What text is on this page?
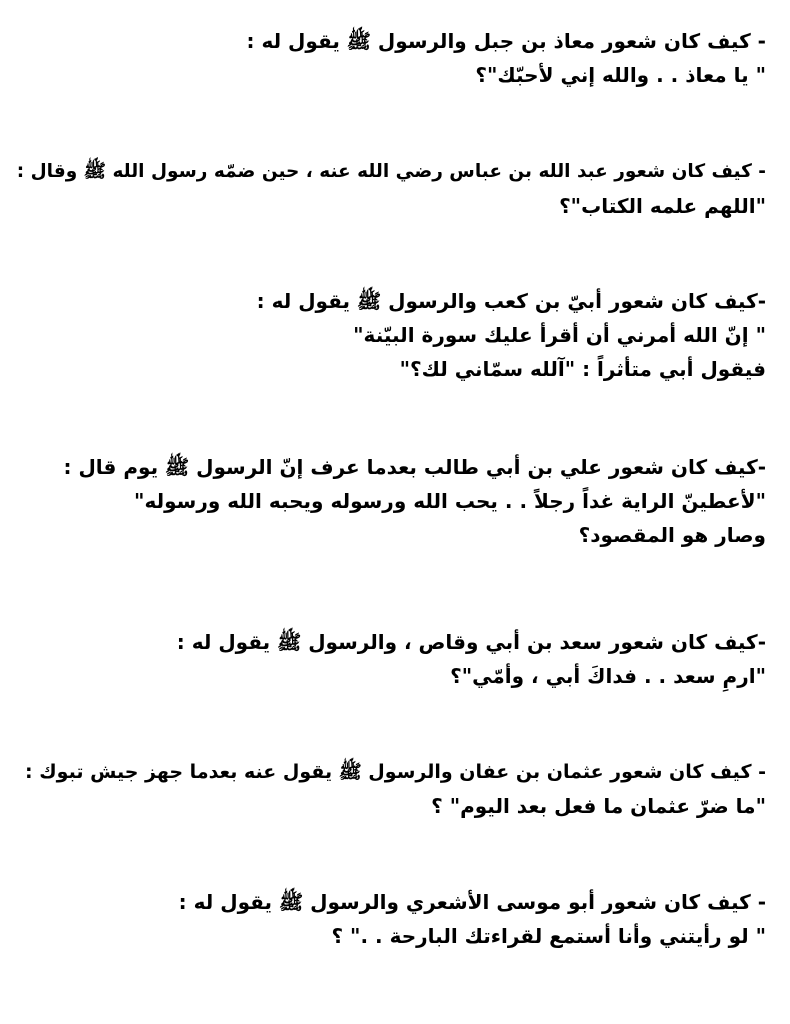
- كيف كان شعور معاذ بن جبل والرسول ﷺ يقول له :
" يا معاذ . . والله إني لأحبّك"؟
- كيف كان شعور عبد الله بن عباس رضي الله عنه ، حين ضمّه رسول الله ﷺ وقال :
"اللهم علمه الكتاب"؟
-كيف كان شعور أبيّ بن كعب والرسول ﷺ يقول له :
" إنّ الله أمرني أن أقرأ عليك سورة البيّنة"
فيقول أبي متأثراً : "آلله سمّاني لك؟"
-كيف كان شعور علي بن أبي طالب بعدما عرف إنّ الرسول ﷺ يوم قال :
"لأعطينّ الراية غداً رجلاً . . يحب الله ورسوله ويحبه الله ورسوله"
وصار هو المقصود؟
-كيف كان شعور سعد بن أبي وقاص ، والرسول ﷺ يقول له :
"ارمِ سعد . . فداكَ أبي ، وأمّي"؟
- كيف كان شعور عثمان بن عفان والرسول ﷺ يقول عنه بعدما جهز جيش تبوك :
"ما ضرّ عثمان ما فعل بعد اليوم" ؟
- كيف كان شعور أبو موسى الأشعري والرسول ﷺ يقول له :
" لو رأيتني وأنا أستمع لقراءتك البارحة . ." ؟
